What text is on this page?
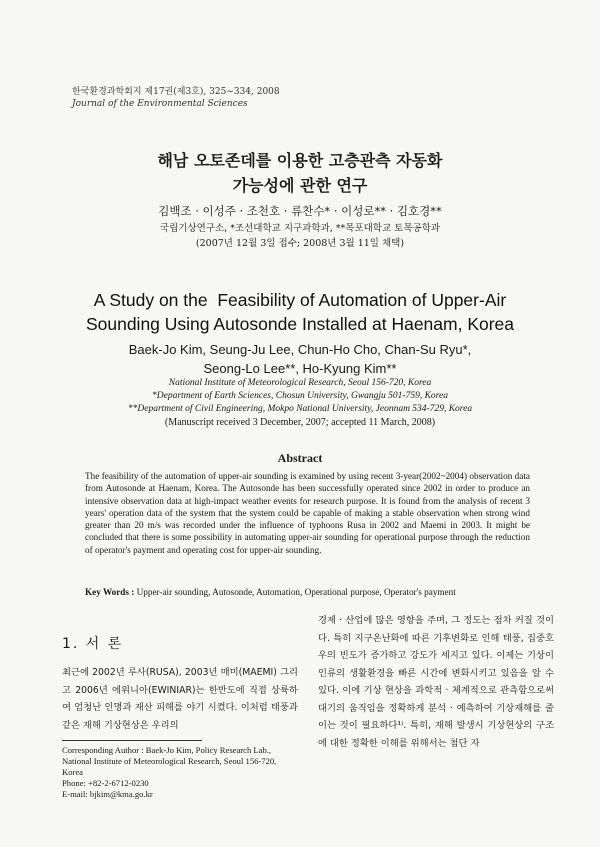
한국환경과학회지 제17권(제3호), 325~334, 2008
Journal of the Environmental Sciences
해남 오토존데를 이용한 고층관측 자동화
가능성에 관한 연구
김백조 · 이성주 · 조천호 · 류찬수* · 이성로** · 김호경**
국립기상연구소, *조선대학교 지구과학과, **목포대학교 토목공학과
(2007년 12월 3일 접수; 2008년 3월 11일 채택)
A Study on the  Feasibility of Automation of Upper-Air
Sounding Using Autosonde Installed at Haenam, Korea
Baek-Jo Kim, Seung-Ju Lee, Chun-Ho Cho, Chan-Su Ryu*,
Seong-Lo Lee**, Ho-Kyung Kim**
National Institute of Meteorological Research, Seoul 156-720, Korea
*Department of Earth Sciences, Chosun University, Gwangju 501-759, Korea
**Department of Civil Engineering, Mokpo National University, Jeonnam 534-729, Korea
(Manuscript received 3 December, 2007; accepted 11 March, 2008)
Abstract
The feasibility of the automation of upper-air sounding is examined by using recent 3-year(2002~2004) observation data from Autosonde at Haenam, Korea. The Autosonde has been successfully operated since 2002 in order to produce an intensive observation data at high-impact weather events for research purpose. It is found from the analysis of recent 3 years' operation data of the system that the system could be capable of making a stable observation when strong wind greater than 20 m/s was recorded under the influence of typhoons Rusa in 2002 and Maemi in 2003. It might be concluded that there is some possibility in automating upper-air sounding for operational purpose through the reduction of operator's payment and operating cost for upper-air sounding.
Key Words : Upper-air sounding, Autosonde, Automation, Operational purpose, Operator's payment
1. 서 론
최근에 2002년 루사(RUSA), 2003년 매미(MAEMI) 그리고 2006년 에위니아(EWINIAR)는 한반도에 직접 상륙하여 엄청난 인명과 재산 피해를 야기 시켰다. 이처럼 태풍과 같은 재해 기상현상은 우리의
경제 · 산업에 많은 영향을 주며, 그 정도는 점차 커질 것이다. 특히 지구온난화에 따른 기후변화로 인해 태풍, 집중호우의 빈도가 증가하고 강도가 세지고 있다. 이제는 기상이 인류의 생활환경을 빠른 시간에 변화시키고 있음을 알 수 있다. 이에 기상 현상을 과학적 · 체계적으로 관측함으로써 대기의 움직임을 정확하게 분석 · 예측하여 기상재해를 줄이는 것이 필요하다¹⁾. 특히, 재해 발생시 기상현상의 구조에 대한 정확한 이해를 위해서는 첨단 자
Corresponding Author : Baek-Jo Kim, Policy Research Lab.,
National Institute of Meteorological Research, Seoul 156-720,
Korea
Phone: +82-2-6712-0230
E-mail: bjkim@kma.go.kr
